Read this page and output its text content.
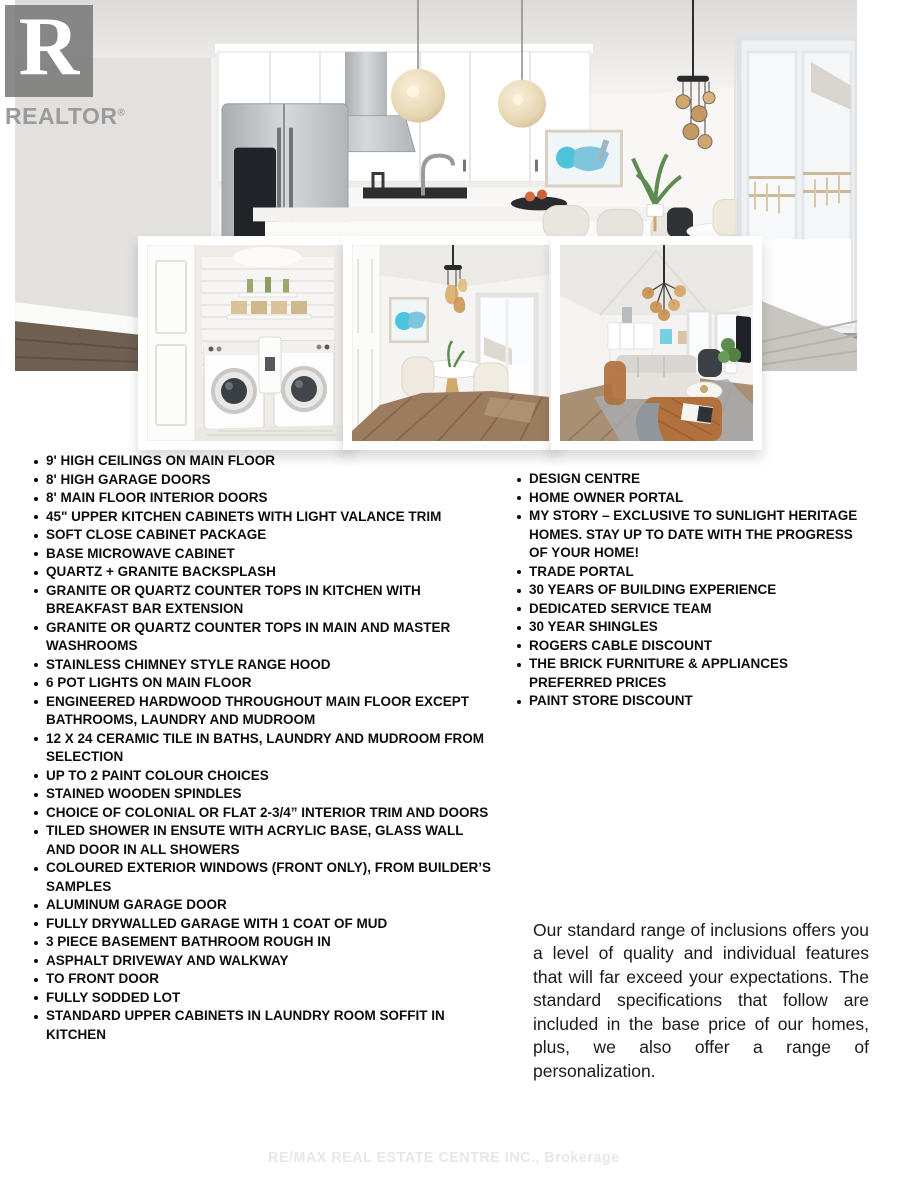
R
REALTOR®
9' HIGH CEILINGS ON MAIN FLOOR
8' HIGH GARAGE DOORS
8' MAIN FLOOR INTERIOR DOORS
45" UPPER KITCHEN CABINETS WITH LIGHT VALANCE TRIM
SOFT CLOSE CABINET PACKAGE
BASE MICROWAVE CABINET
QUARTZ + GRANITE BACKSPLASH
GRANITE OR QUARTZ COUNTER TOPS IN KITCHEN WITH BREAKFAST BAR EXTENSION
GRANITE OR QUARTZ COUNTER TOPS IN MAIN AND MASTER WASHROOMS
STAINLESS CHIMNEY STYLE RANGE HOOD
6 POT LIGHTS ON MAIN FLOOR
ENGINEERED HARDWOOD THROUGHOUT MAIN FLOOR EXCEPT BATHROOMS, LAUNDRY AND MUDROOM
12 X 24 CERAMIC TILE IN BATHS, LAUNDRY AND MUDROOM FROM SELECTION
UP TO 2 PAINT COLOUR CHOICES
STAINED WOODEN SPINDLES
CHOICE OF COLONIAL OR FLAT 2-3/4” INTERIOR TRIM AND DOORS
TILED SHOWER IN ENSUTE WITH ACRYLIC BASE, GLASS WALL AND DOOR IN ALL SHOWERS
COLOURED EXTERIOR WINDOWS (FRONT ONLY), FROM BUILDER’S SAMPLES
ALUMINUM GARAGE DOOR
FULLY DRYWALLED GARAGE WITH 1 COAT OF MUD
3 PIECE BASEMENT BATHROOM ROUGH IN
ASPHALT DRIVEWAY AND WALKWAY
TO FRONT DOOR
FULLY SODDED LOT
STANDARD UPPER CABINETS IN LAUNDRY ROOM SOFFIT IN KITCHEN
DESIGN CENTRE
HOME OWNER PORTAL
MY STORY – EXCLUSIVE TO SUNLIGHT HERITAGE HOMES. STAY UP TO DATE WITH THE PROGRESS OF YOUR HOME!
TRADE PORTAL
30 YEARS OF BUILDING EXPERIENCE
DEDICATED SERVICE TEAM
30 YEAR SHINGLES
ROGERS CABLE DISCOUNT
THE BRICK FURNITURE & APPLIANCES PREFERRED PRICES
PAINT STORE DISCOUNT

Our standard range of inclusions offers you a level of quality and individual features that will far exceed your expectations. The standard specifications that follow are included in the base price of our homes, plus, we also offer a range of personalization.

RE/MAX REAL ESTATE CENTRE INC., Brokerage
